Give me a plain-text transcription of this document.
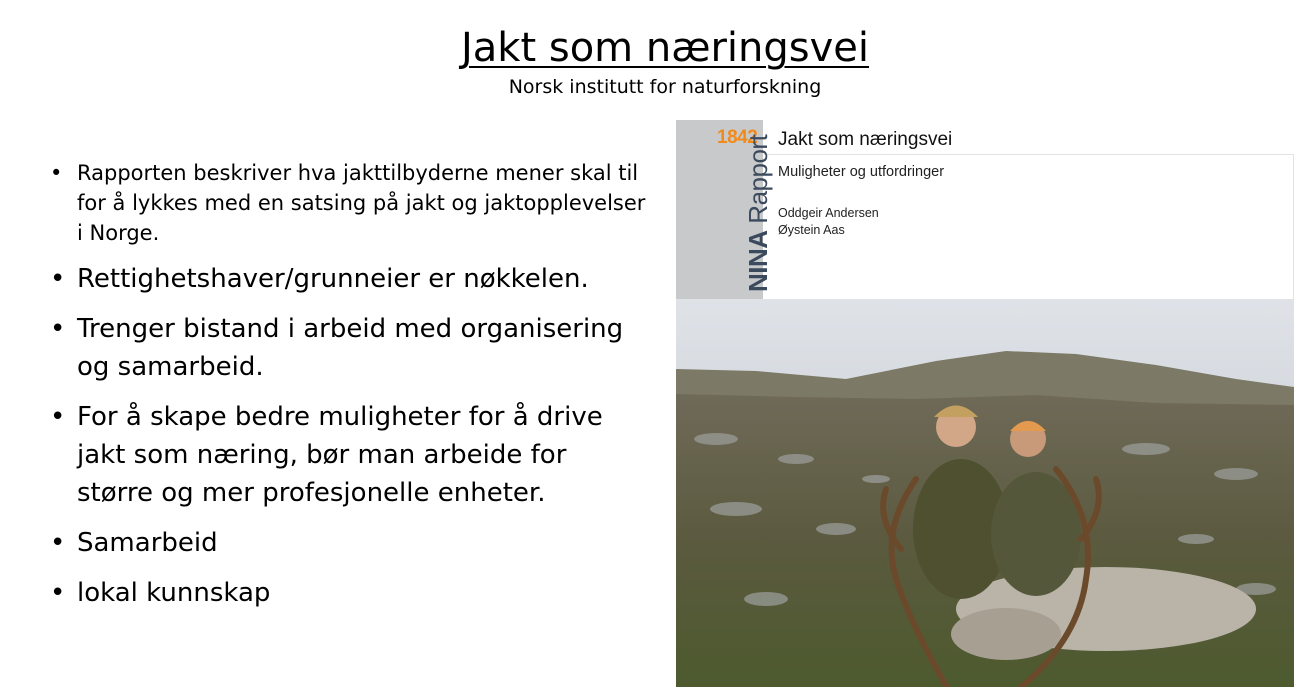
Jakt som næringsvei
Norsk institutt for naturforskning
• Rapporten beskriver hva jakttilbyderne mener skal til for å lykkes med en satsing på jakt og jaktopplevelser i Norge.
• Rettighetshaver/grunneier er nøkkelen.
• Trenger bistand i arbeid med organisering og samarbeid.
• For å skape bedre muligheter for å drive jakt som næring, bør man arbeide for større og mer profesjonelle enheter.
• Samarbeid
• lokal kunnskap
1842
NINA Rapport Jakt som næringsvei
Muligheter og utfordringer
Oddgeir Andersen
Øystein Aas
